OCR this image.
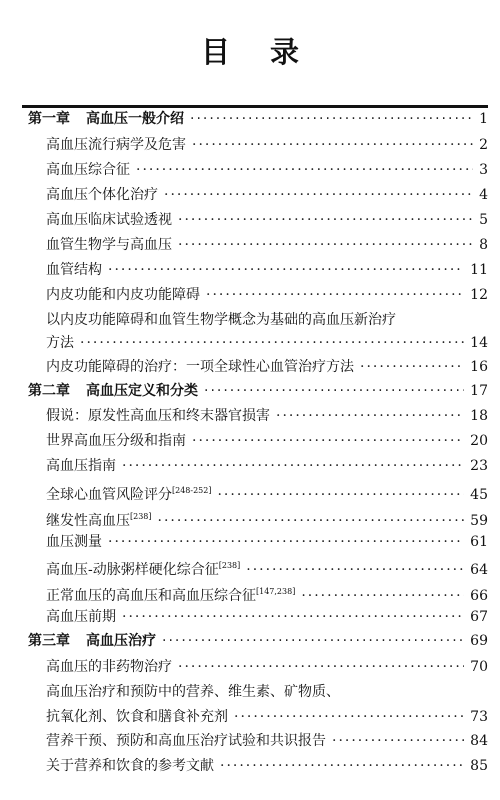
目 录
第一章 高血压一般介绍 ·····	1
高血压流行病学及危害 ·····	2
高血压综合征 ·····	3
高血压个体化治疗 ·····	4
高血压临床试验透视 ·····	5
血管生物学与高血压 ·····	8
血管结构 ·····	11
内皮功能和内皮功能障碍 ·····	12
以内皮功能障碍和血管生物学概念为基础的高血压新治疗
方法 ·····	14
内皮功能障碍的治疗：一项全球性心血管治疗方法 ·····	16
第二章 高血压定义和分类 ·····	17
假说：原发性高血压和终末器官损害 ·····	18
世界高血压分级和指南 ·····	20
高血压指南 ·····	23
全球心血管风险评分[248-252] ·····	45
继发性高血压[238] ·····	59
血压测量 ·····	61
高血压-动脉粥样硬化综合征[238] ·····	64
正常血压的高血压和高血压综合征[147,238] ·····	66
高血压前期 ·····	67
第三章 高血压治疗 ·····	69
高血压的非药物治疗 ·····	70
高血压治疗和预防中的营养、维生素、矿物质、
抗氧化剂、饮食和膳食补充剂 ·····	73
营养干预、预防和高血压治疗试验和共识报告 ·····	84
关于营养和饮食的参考文献 ·····	85
